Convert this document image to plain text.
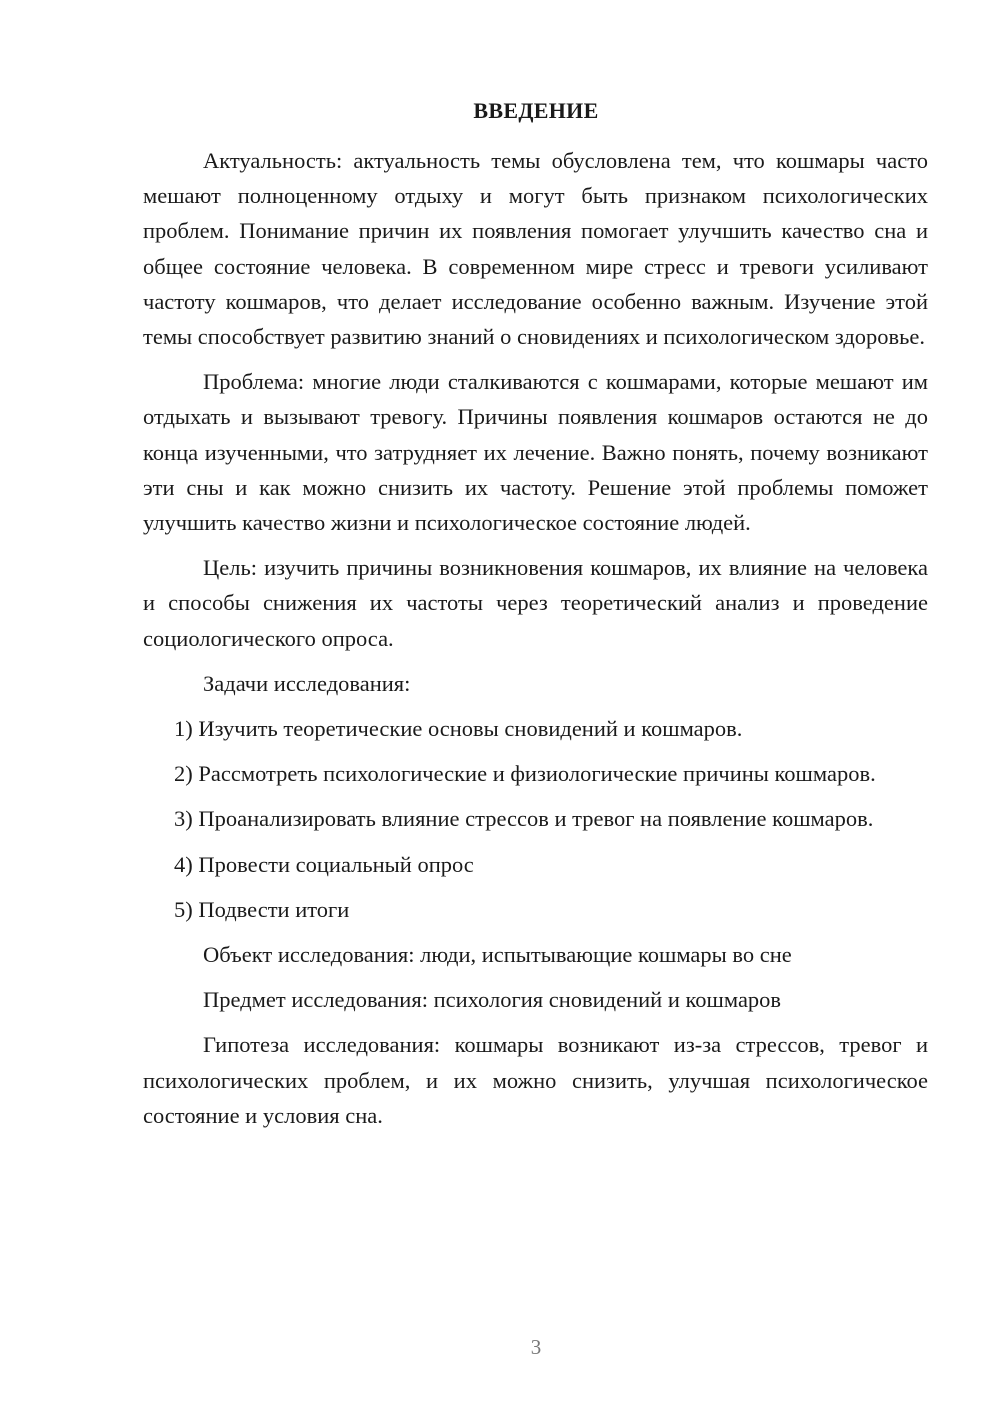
ВВЕДЕНИЕ

Актуальность: актуальность темы обусловлена тем, что кошмары часто мешают полноценному отдыху и могут быть признаком психологических проблем. Понимание причин их появления помогает улучшить качество сна и общее состояние человека. В современном мире стресс и тревоги усиливают частоту кошмаров, что делает исследование особенно важным. Изучение этой темы способствует развитию знаний о сновидениях и психологическом здоровье.

Проблема: многие люди сталкиваются с кошмарами, которые мешают им отдыхать и вызывают тревогу. Причины появления кошмаров остаются не до конца изученными, что затрудняет их лечение. Важно понять, почему возникают эти сны и как можно снизить их частоту. Решение этой проблемы поможет улучшить качество жизни и психологическое состояние людей.

Цель: изучить причины возникновения кошмаров, их влияние на человека и способы снижения их частоты через теоретический анализ и проведение социологического опроса.

Задачи исследования:

1) Изучить теоретические основы сновидений и кошмаров.

2) Рассмотреть психологические и физиологические причины кошмаров.

3) Проанализировать влияние стрессов и тревог на появление кошмаров.

4) Провести социальный опрос

5) Подвести итоги

Объект исследования: люди, испытывающие кошмары во сне

Предмет исследования: психология сновидений и кошмаров

Гипотеза исследования: кошмары возникают из-за стрессов, тревог и психологических проблем, и их можно снизить, улучшая психологическое состояние и условия сна.

3
